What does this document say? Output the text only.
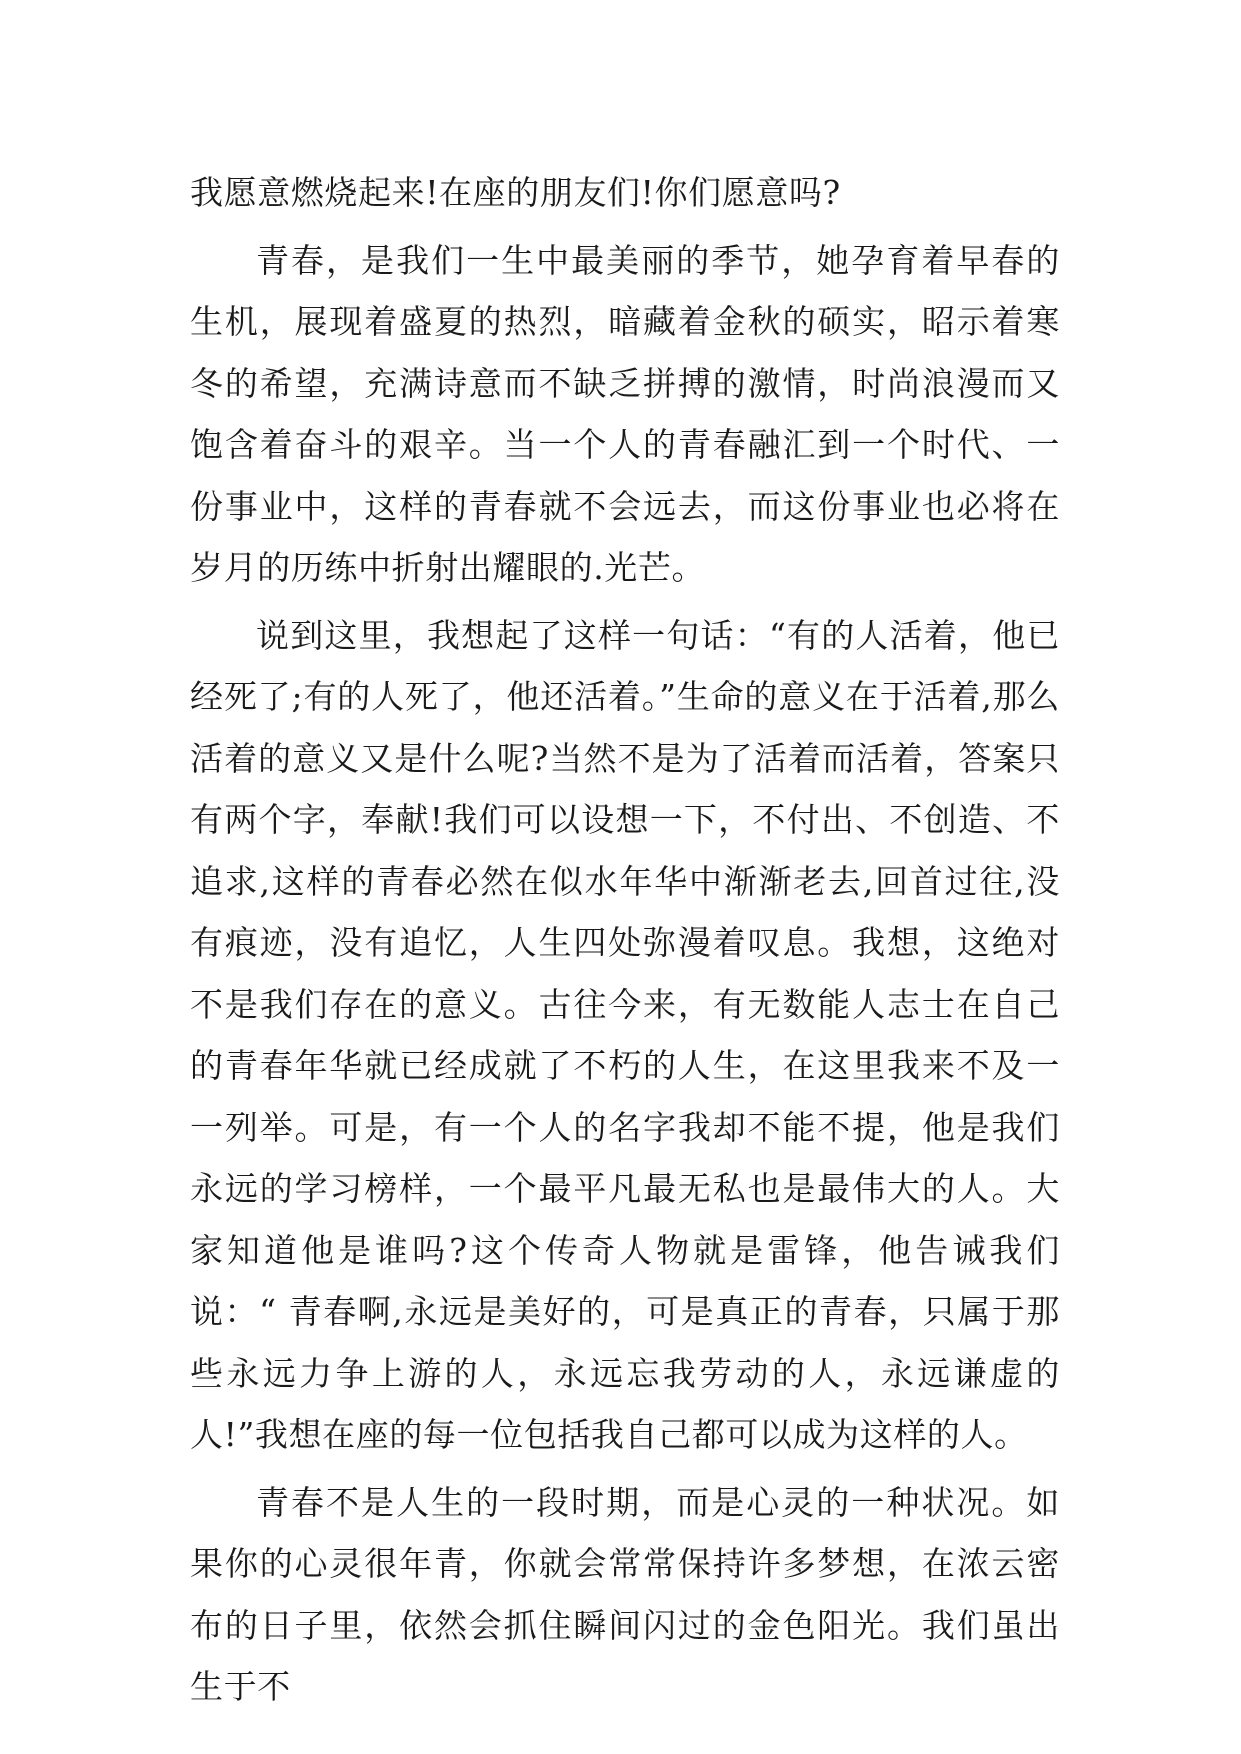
我愿意燃烧起来!在座的朋友们!你们愿意吗?

青春，是我们一生中最美丽的季节，她孕育着早春的生机，展现着盛夏的热烈，暗藏着金秋的硕实，昭示着寒冬的希望，充满诗意而不缺乏拼搏的激情，时尚浪漫而又饱含着奋斗的艰辛。当一个人的青春融汇到一个时代、一份事业中，这样的青春就不会远去，而这份事业也必将在岁月的历练中折射出耀眼的.光芒。

说到这里，我想起了这样一句话：“有的人活着，他已经死了;有的人死了，他还活着。”生命的意义在于活着,那么活着的意义又是什么呢?当然不是为了活着而活着，答案只有两个字，奉献!我们可以设想一下，不付出、不创造、不追求,这样的青春必然在似水年华中渐渐老去,回首过往,没有痕迹，没有追忆，人生四处弥漫着叹息。我想，这绝对不是我们存在的意义。古往今来，有无数能人志士在自己的青春年华就已经成就了不朽的人生，在这里我来不及一一列举。可是，有一个人的名字我却不能不提，他是我们永远的学习榜样，一个最平凡最无私也是最伟大的人。大家知道他是谁吗?这个传奇人物就是雷锋，他告诫我们说：“ 青春啊,永远是美好的，可是真正的青春，只属于那些永远力争上游的人，永远忘我劳动的人，永远谦虚的人!”我想在座的每一位包括我自己都可以成为这样的人。

青春不是人生的一段时期，而是心灵的一种状况。如果你的心灵很年青，你就会常常保持许多梦想，在浓云密布的日子里，依然会抓住瞬间闪过的金色阳光。我们虽出生于不
